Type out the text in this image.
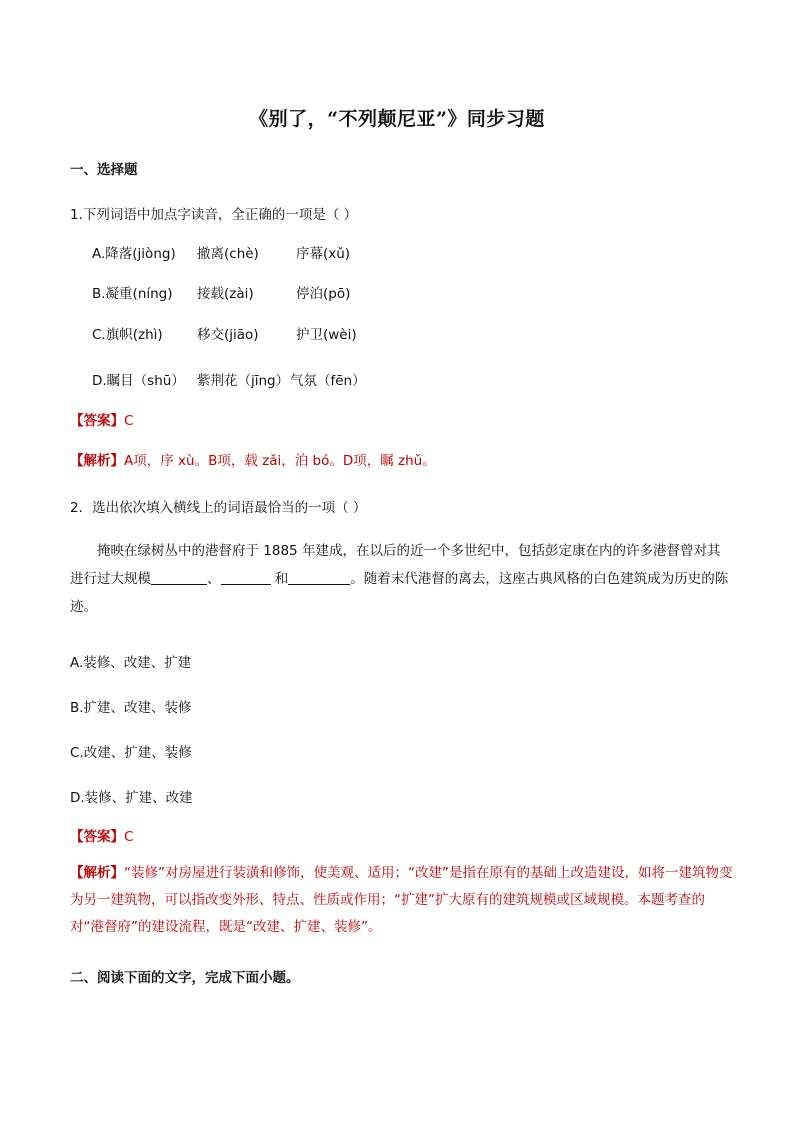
《别了，“不列颠尼亚”》同步习题
一、选择题
1.下列词语中加点字读音，全正确的一项是（ ）
A.降落(jiòng) 撤离(chè)	序幕(xǔ)
B.凝重(níng) 接载(zài)	停泊(pō)
C.旗帜(zhì)	移交(jiāo)	护卫(wèi)
D.瞩目（shū） 紫荆花（jīng） 气氛（fēn）
【答案】C
【解析】A项，序 xù。B项，载 zǎi，泊 bó。D项，瞩 zhǔ。
2．选出依次填入横线上的词语最恰当的一项（ ）
掩映在绿树丛中的港督府于 1885 年建成，在以后的近一个多世纪中，包括彭定康在内的许多港督曾对其进行过大规模	、	和	。随着末代港督的离去，这座古典风格的白色建筑成为历史的陈迹。
A.装修、改建、扩建
B.扩建、改建、装修
C.改建、扩建、装修
D.装修、扩建、改建
【答案】C
【解析】“装修”对房屋进行装潢和修饰，使美观、适用；“改建”是指在原有的基础上改造建设，如将一建筑物变为另一建筑物，可以指改变外形、特点、性质或作用；“扩建”扩大原有的建筑规模或区域规模。本题考查的对“港督府”的建设流程，既是“改建、扩建、装修”。
二、阅读下面的文字，完成下面小题。
